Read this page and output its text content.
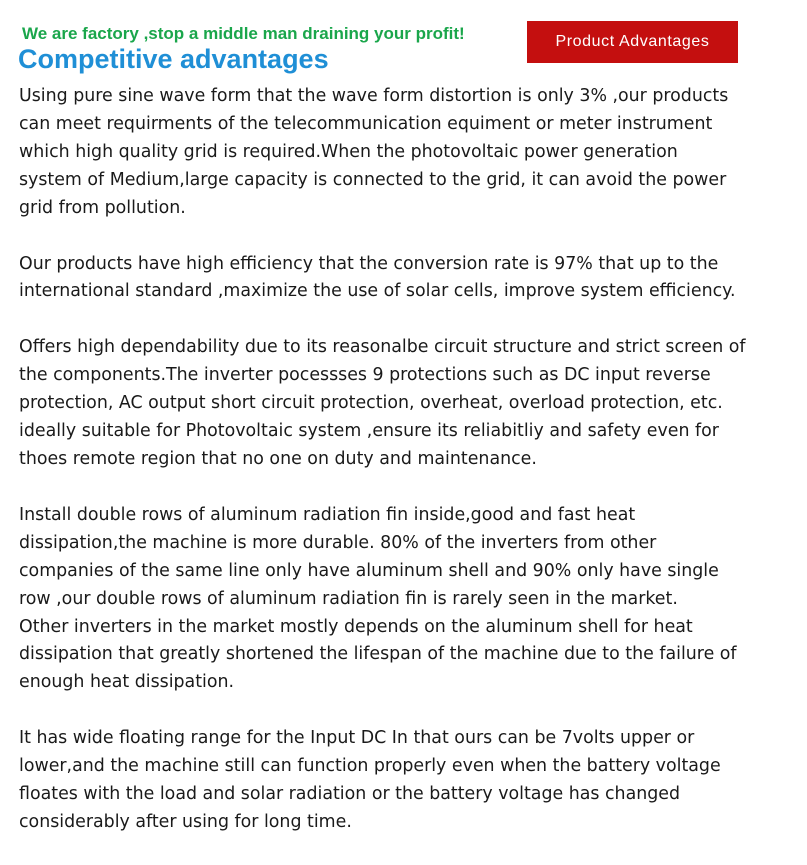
We are factory ,stop a middle man draining your profit!	Product Advantages
Competitive advantages

Using pure sine wave form that the wave form distortion is only 3% ,our products
can meet requirments of the telecommunication equiment or meter instrument
which high quality grid is required.When the photovoltaic power generation
system of Medium,large capacity is connected to the grid, it can avoid the power
grid from pollution.

Our products have high efficiency that the conversion rate is 97% that up to the
international standard ,maximize the use of solar cells, improve system efficiency.

Offers high dependability due to its reasonalbe circuit structure and strict screen of
the components.The inverter pocessses 9 protections such as DC input reverse
protection, AC output short circuit protection, overheat, overload protection, etc.
ideally suitable for Photovoltaic system ,ensure its reliabitliy and safety even for
thoes remote region that no one on duty and maintenance.

Install double rows of aluminum radiation fin inside,good and fast heat
dissipation,the machine is more durable. 80% of the inverters from other
companies of the same line only have aluminum shell and 90% only have single
row ,our double rows of aluminum radiation fin is rarely seen in the market.
Other inverters in the market mostly depends on the aluminum shell for heat
dissipation that greatly shortened the lifespan of the machine due to the failure of
enough heat dissipation.

It has wide floating range for the Input DC In that ours can be 7volts upper or
lower,and the machine still can function properly even when the battery voltage
floates with the load and solar radiation or the battery voltage has changed
considerably after using for long time.
